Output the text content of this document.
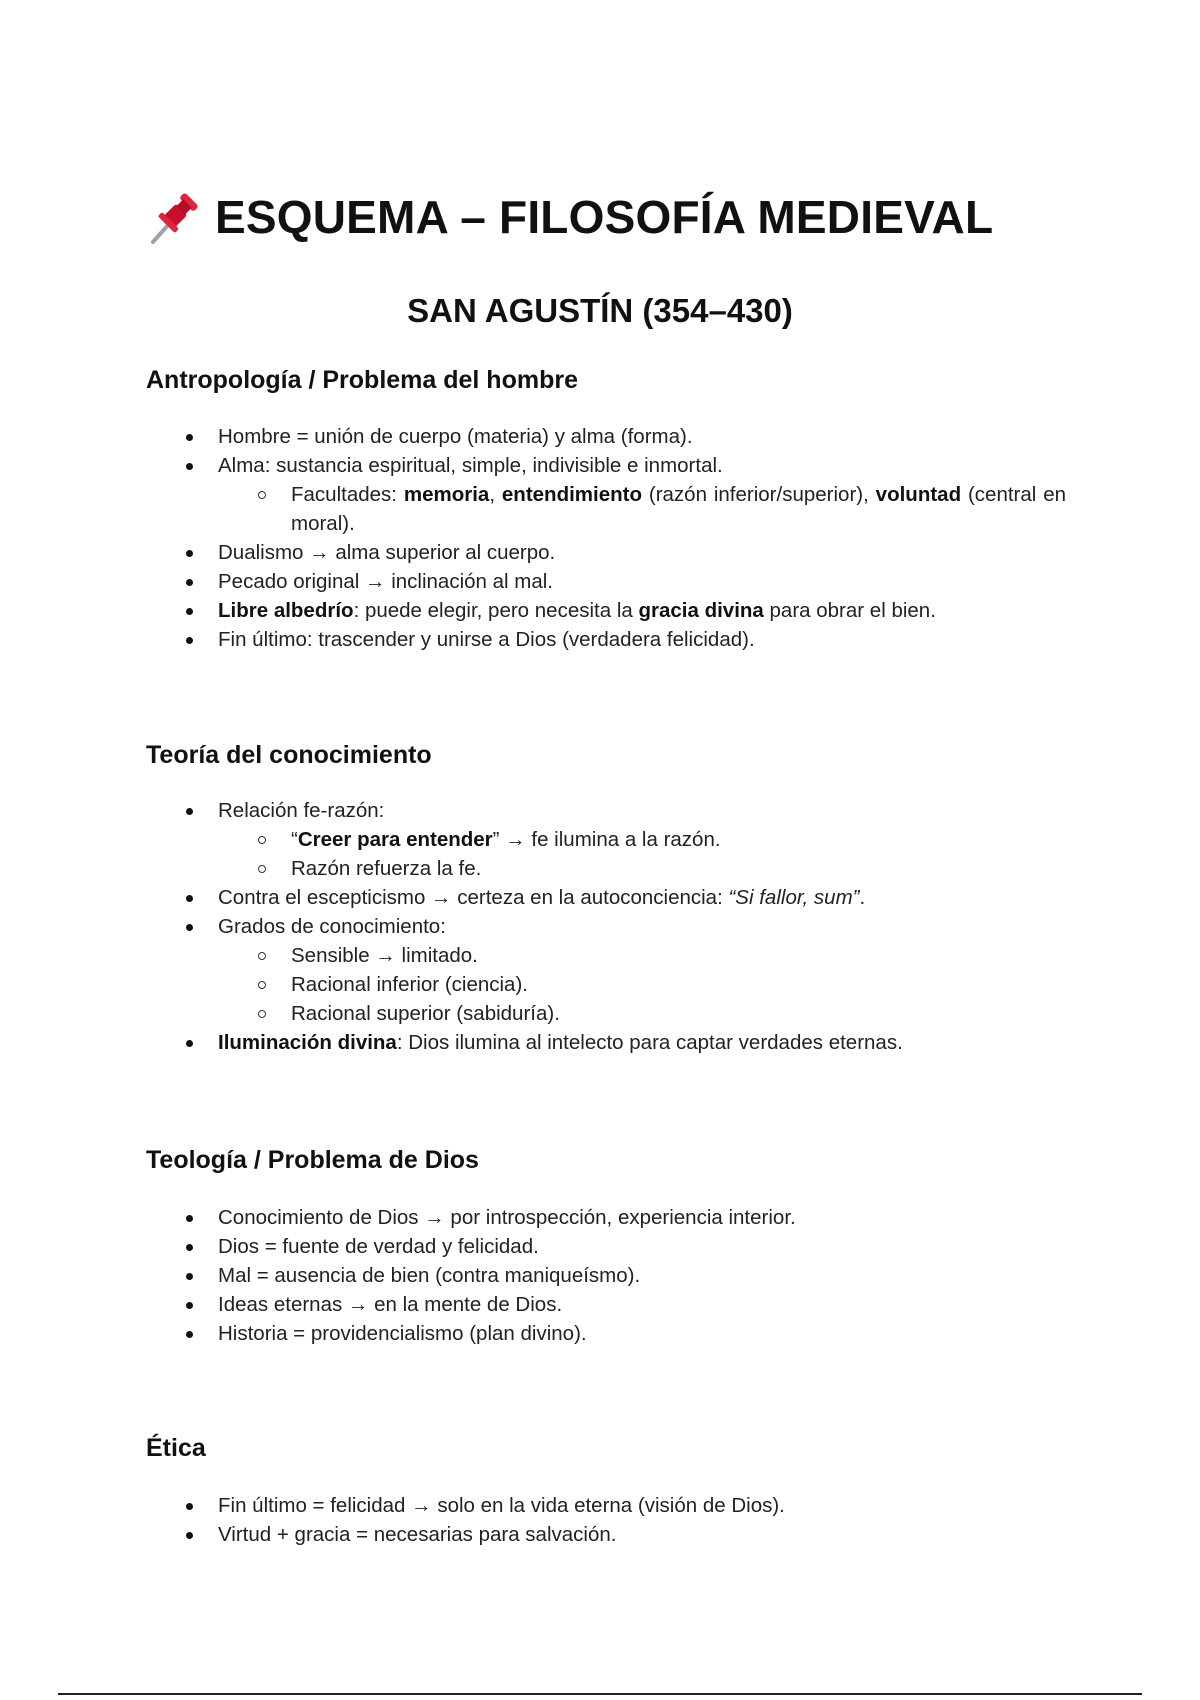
ESQUEMA – FILOSOFÍA MEDIEVAL
SAN AGUSTÍN (354–430)
Antropología / Problema del hombre
Hombre = unión de cuerpo (materia) y alma (forma).
Alma: sustancia espiritual, simple, indivisible e inmortal.
Facultades: memoria, entendimiento (razón inferior/superior), voluntad (central en moral).
Dualismo → alma superior al cuerpo.
Pecado original → inclinación al mal.
Libre albedrío: puede elegir, pero necesita la gracia divina para obrar el bien.
Fin último: trascender y unirse a Dios (verdadera felicidad).
Teoría del conocimiento
Relación fe-razón:
“Creer para entender” → fe ilumina a la razón.
Razón refuerza la fe.
Contra el escepticismo → certeza en la autoconciencia: “Si fallor, sum”.
Grados de conocimiento:
Sensible → limitado.
Racional inferior (ciencia).
Racional superior (sabiduría).
Iluminación divina: Dios ilumina al intelecto para captar verdades eternas.
Teología / Problema de Dios
Conocimiento de Dios → por introspección, experiencia interior.
Dios = fuente de verdad y felicidad.
Mal = ausencia de bien (contra maniqueísmo).
Ideas eternas → en la mente de Dios.
Historia = providencialismo (plan divino).
Ética
Fin último = felicidad → solo en la vida eterna (visión de Dios).
Virtud + gracia = necesarias para salvación.
